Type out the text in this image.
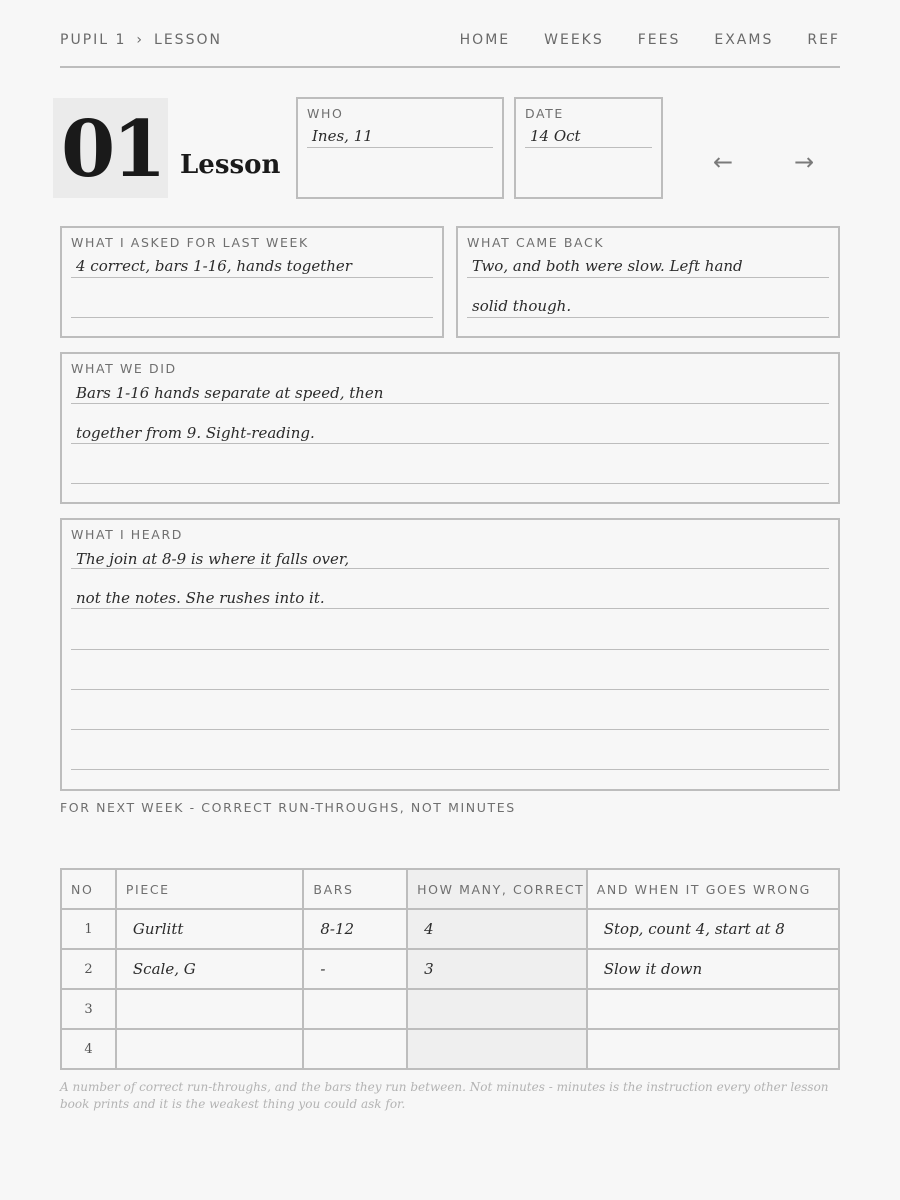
PUPIL 1 › LESSON	HOME WEEKS FEES EXAMS REF
01 Lesson
WHO
Ines, 11
DATE
14 Oct
←	→
WHAT I ASKED FOR LAST WEEK
4 correct, bars 1-16, hands together
WHAT CAME BACK
Two, and both were slow. Left hand
solid though.
WHAT WE DID
Bars 1-16 hands separate at speed, then
together from 9. Sight-reading.
WHAT I HEARD
The join at 8-9 is where it falls over,
not the notes. She rushes into it.
FOR NEXT WEEK - CORRECT RUN-THROUGHS, NOT MINUTES
NO	PIECE	BARS	HOW MANY, CORRECT	AND WHEN IT GOES WRONG
1	Gurlitt	8-12	4	Stop, count 4, start at 8
2	Scale, G	-	3	Slow it down
3				
4				
A number of correct run-throughs, and the bars they run between. Not minutes - minutes is the instruction every other lesson book prints and it is the weakest thing you could ask for.
